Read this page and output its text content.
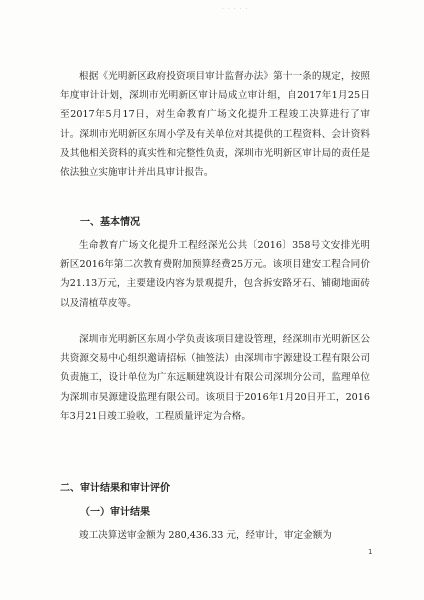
· · · · ·

根据《光明新区政府投资项目审计监督办法》第十一条的规定，按照年度审计计划，深圳市光明新区审计局成立审计组，自2017年1月25日至2017年5月17日，对生命教育广场文化提升工程竣工决算进行了审计。深圳市光明新区东周小学及有关单位对其提供的工程资料、会计资料及其他相关资料的真实性和完整性负责，深圳市光明新区审计局的责任是依法独立实施审计并出具审计报告。

一、基本情况

生命教育广场文化提升工程经深光公共〔2016〕358号文安排光明新区2016年第二次教育费附加预算经费25万元。该项目建安工程合同价为21.13万元，主要建设内容为景观提升，包含拆安路牙石、铺砌地面砖以及清植草皮等。

深圳市光明新区东周小学负责该项目建设管理，经深圳市光明新区公共资源交易中心组织邀请招标（抽签法）由深圳市宇源建设工程有限公司负责施工，设计单位为广东远顺建筑设计有限公司深圳分公司，监理单位为深圳市昊源建设监理有限公司。该项目于2016年1月20日开工，2016年3月21日竣工验收，工程质量评定为合格。

二、审计结果和审计评价

（一）审计结果

竣工决算送审金额为 280,436.33 元，经审计，审定金额为

1
